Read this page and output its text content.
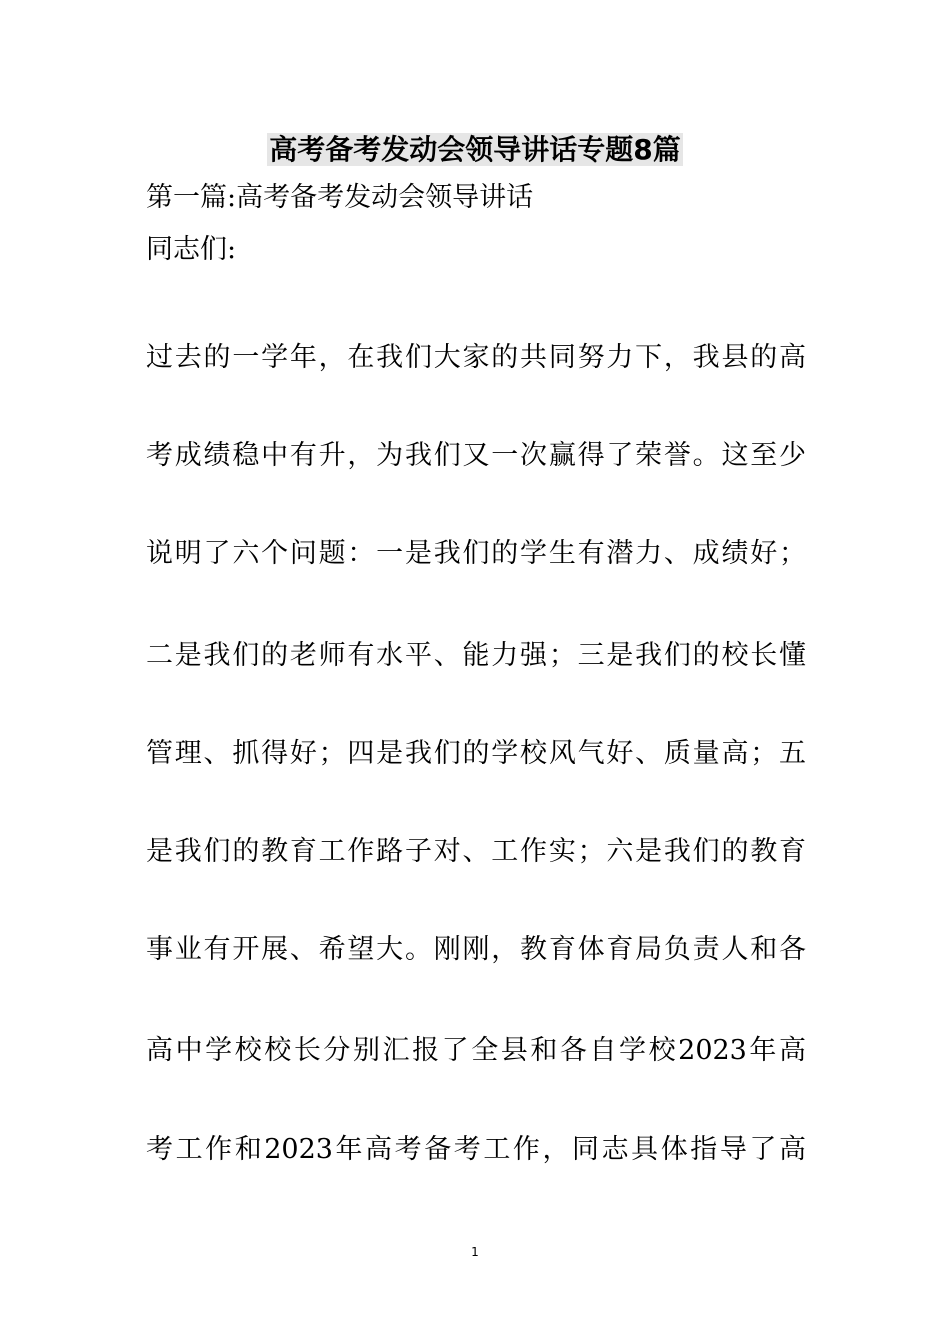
高考备考发动会领导讲话专题8篇

第一篇:高考备考发动会领导讲话

同志们:

过去的一学年，在我们大家的共同努力下，我县的高

考成绩稳中有升，为我们又一次赢得了荣誉。这至少

说明了六个问题：一是我们的学生有潜力、成绩好；

二是我们的老师有水平、能力强；三是我们的校长懂

管理、抓得好；四是我们的学校风气好、质量高；五

是我们的教育工作路子对、工作实；六是我们的教育

事业有开展、希望大。刚刚，教育体育局负责人和各

高中学校校长分别汇报了全县和各自学校2023年高

考工作和2023年高考备考工作，同志具体指导了高

1
